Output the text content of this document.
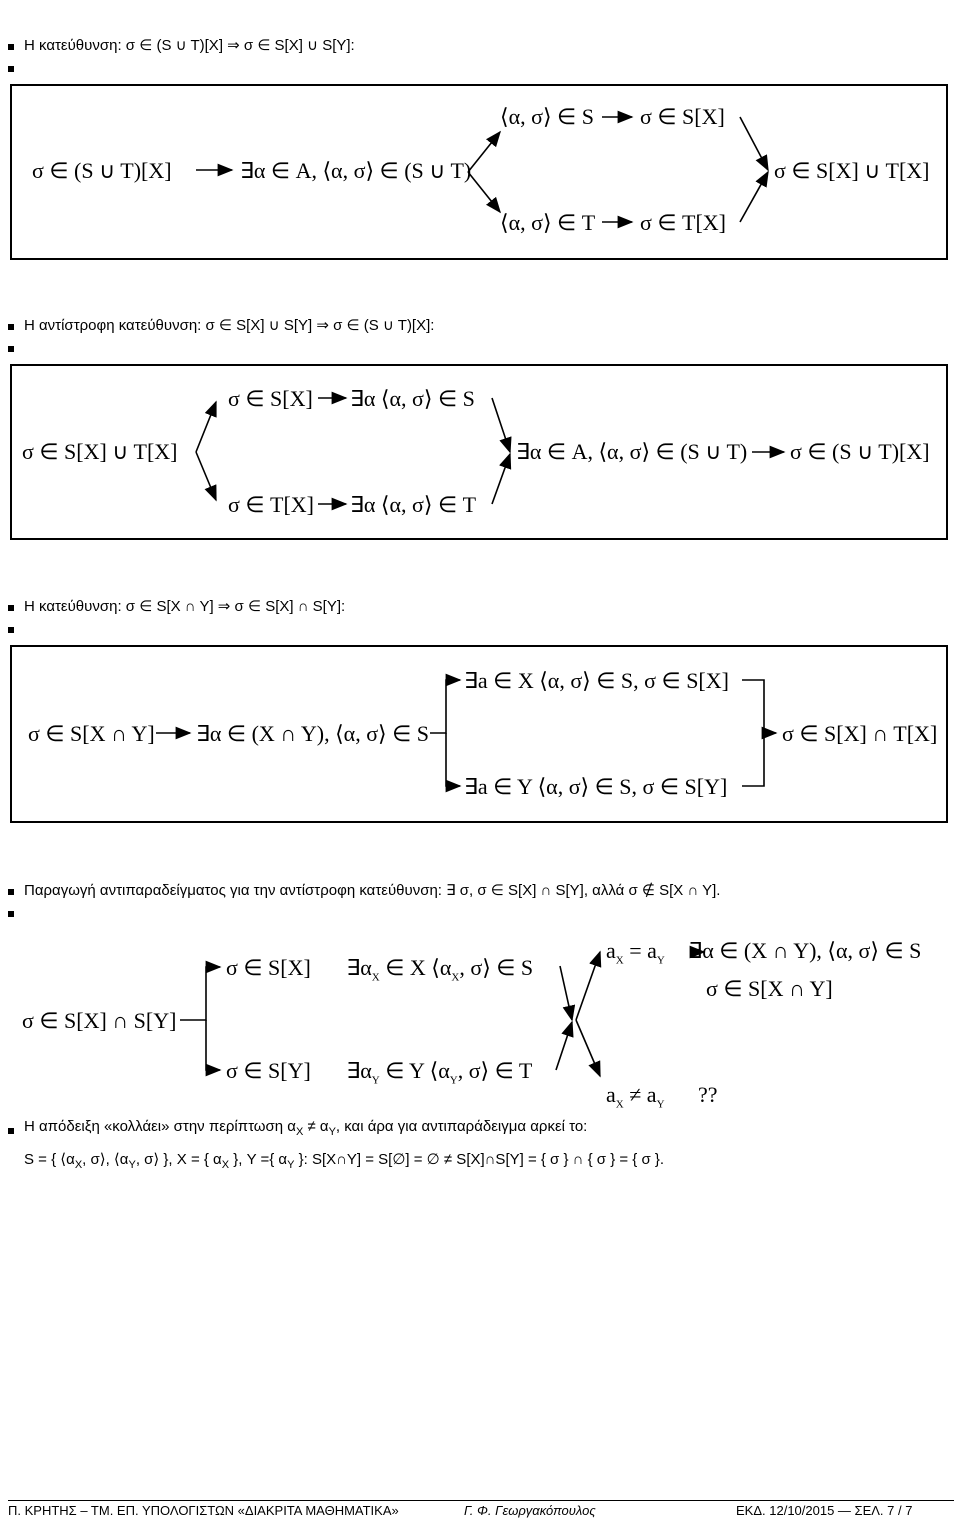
Η κατεύθυνση: σ ∈ (S ∪ T)[X] ⇒ σ ∈ S[X] ∪ S[Y]:
σ ∈ (S ∪ T)[X]	∃α ∈ A, ⟨α, σ⟩ ∈ (S ∪ T)
⟨α, σ⟩ ∈ S σ ∈ S[X]
⟨α, σ⟩ ∈ T σ ∈ T[X]
σ ∈ S[X] ∪ T[X]
Η αντίστροφη κατεύθυνση: σ ∈ S[X] ∪ S[Y] ⇒ σ ∈ (S ∪ T)[X]:
σ ∈ S[X] ∪ T[X]
σ ∈ S[X] ∃α ⟨α, σ⟩ ∈ S
σ ∈ T[X] ∃α ⟨α, σ⟩ ∈ T
∃α ∈ A, ⟨α, σ⟩ ∈ (S ∪ T) σ ∈ (S ∪ T)[X]
Η κατεύθυνση: σ ∈ S[X ∩ Y] ⇒ σ ∈ S[X] ∩ S[Y]:
σ ∈ S[X ∩ Y] ∃α ∈ (X ∩ Y), ⟨α, σ⟩ ∈ S
∃a ∈ X ⟨α, σ⟩ ∈ S, σ ∈ S[X]
∃a ∈ Y ⟨α, σ⟩ ∈ S, σ ∈ S[Y]
σ ∈ S[X] ∩ T[X]
Παραγωγή αντιπαραδείγματος για την αντίστροφη κατεύθυνση: ∃ σ, σ ∈ S[X] ∩ S[Y], αλλά σ ∉ S[X ∩ Y].
σ ∈ S[X] ∩ S[Y]
σ ∈ S[X] $\exists\alpha_X$ ∈ X $⟨\alpha_X$, σ⟩ ∈ S
σ ∈ S[Y] $\exists\alpha_Y$ ∈ Y $⟨\alpha_Y$, σ⟩ ∈ T
$a_X = a_Y$ ∃α ∈ (X ∩ Y), ⟨α, σ⟩ ∈ S
σ ∈ S[X ∩ Y]
$a_X \ne a_Y$ ??
Η απόδειξη «κολλάει» στην περίπτωση $\alpha_X \ne \alpha_Y$, και άρα για αντιπαράδειγμα αρκεί το:
S = { $⟨\alpha_X$, σ⟩, $⟨\alpha_Y$, σ⟩ }, X = { $\alpha_X$ }, Υ ={ $\alpha_Y$ }: S[X∩Y] = S[∅] = ∅ ≠ S[X]∩S[Y] = { σ } ∩ { σ } = { σ }.
Π. ΚΡΗΤΗΣ – ΤΜ. ΕΠ. ΥΠΟΛΟΓΙΣΤΩΝ «ΔΙΑΚΡΙΤΑ ΜΑΘΗΜΑΤΙΚΑ»	Γ. Φ. Γεωργακόπουλος	ΕΚΔ. 12/10/2015 — ΣΕΛ. 7 / 7
